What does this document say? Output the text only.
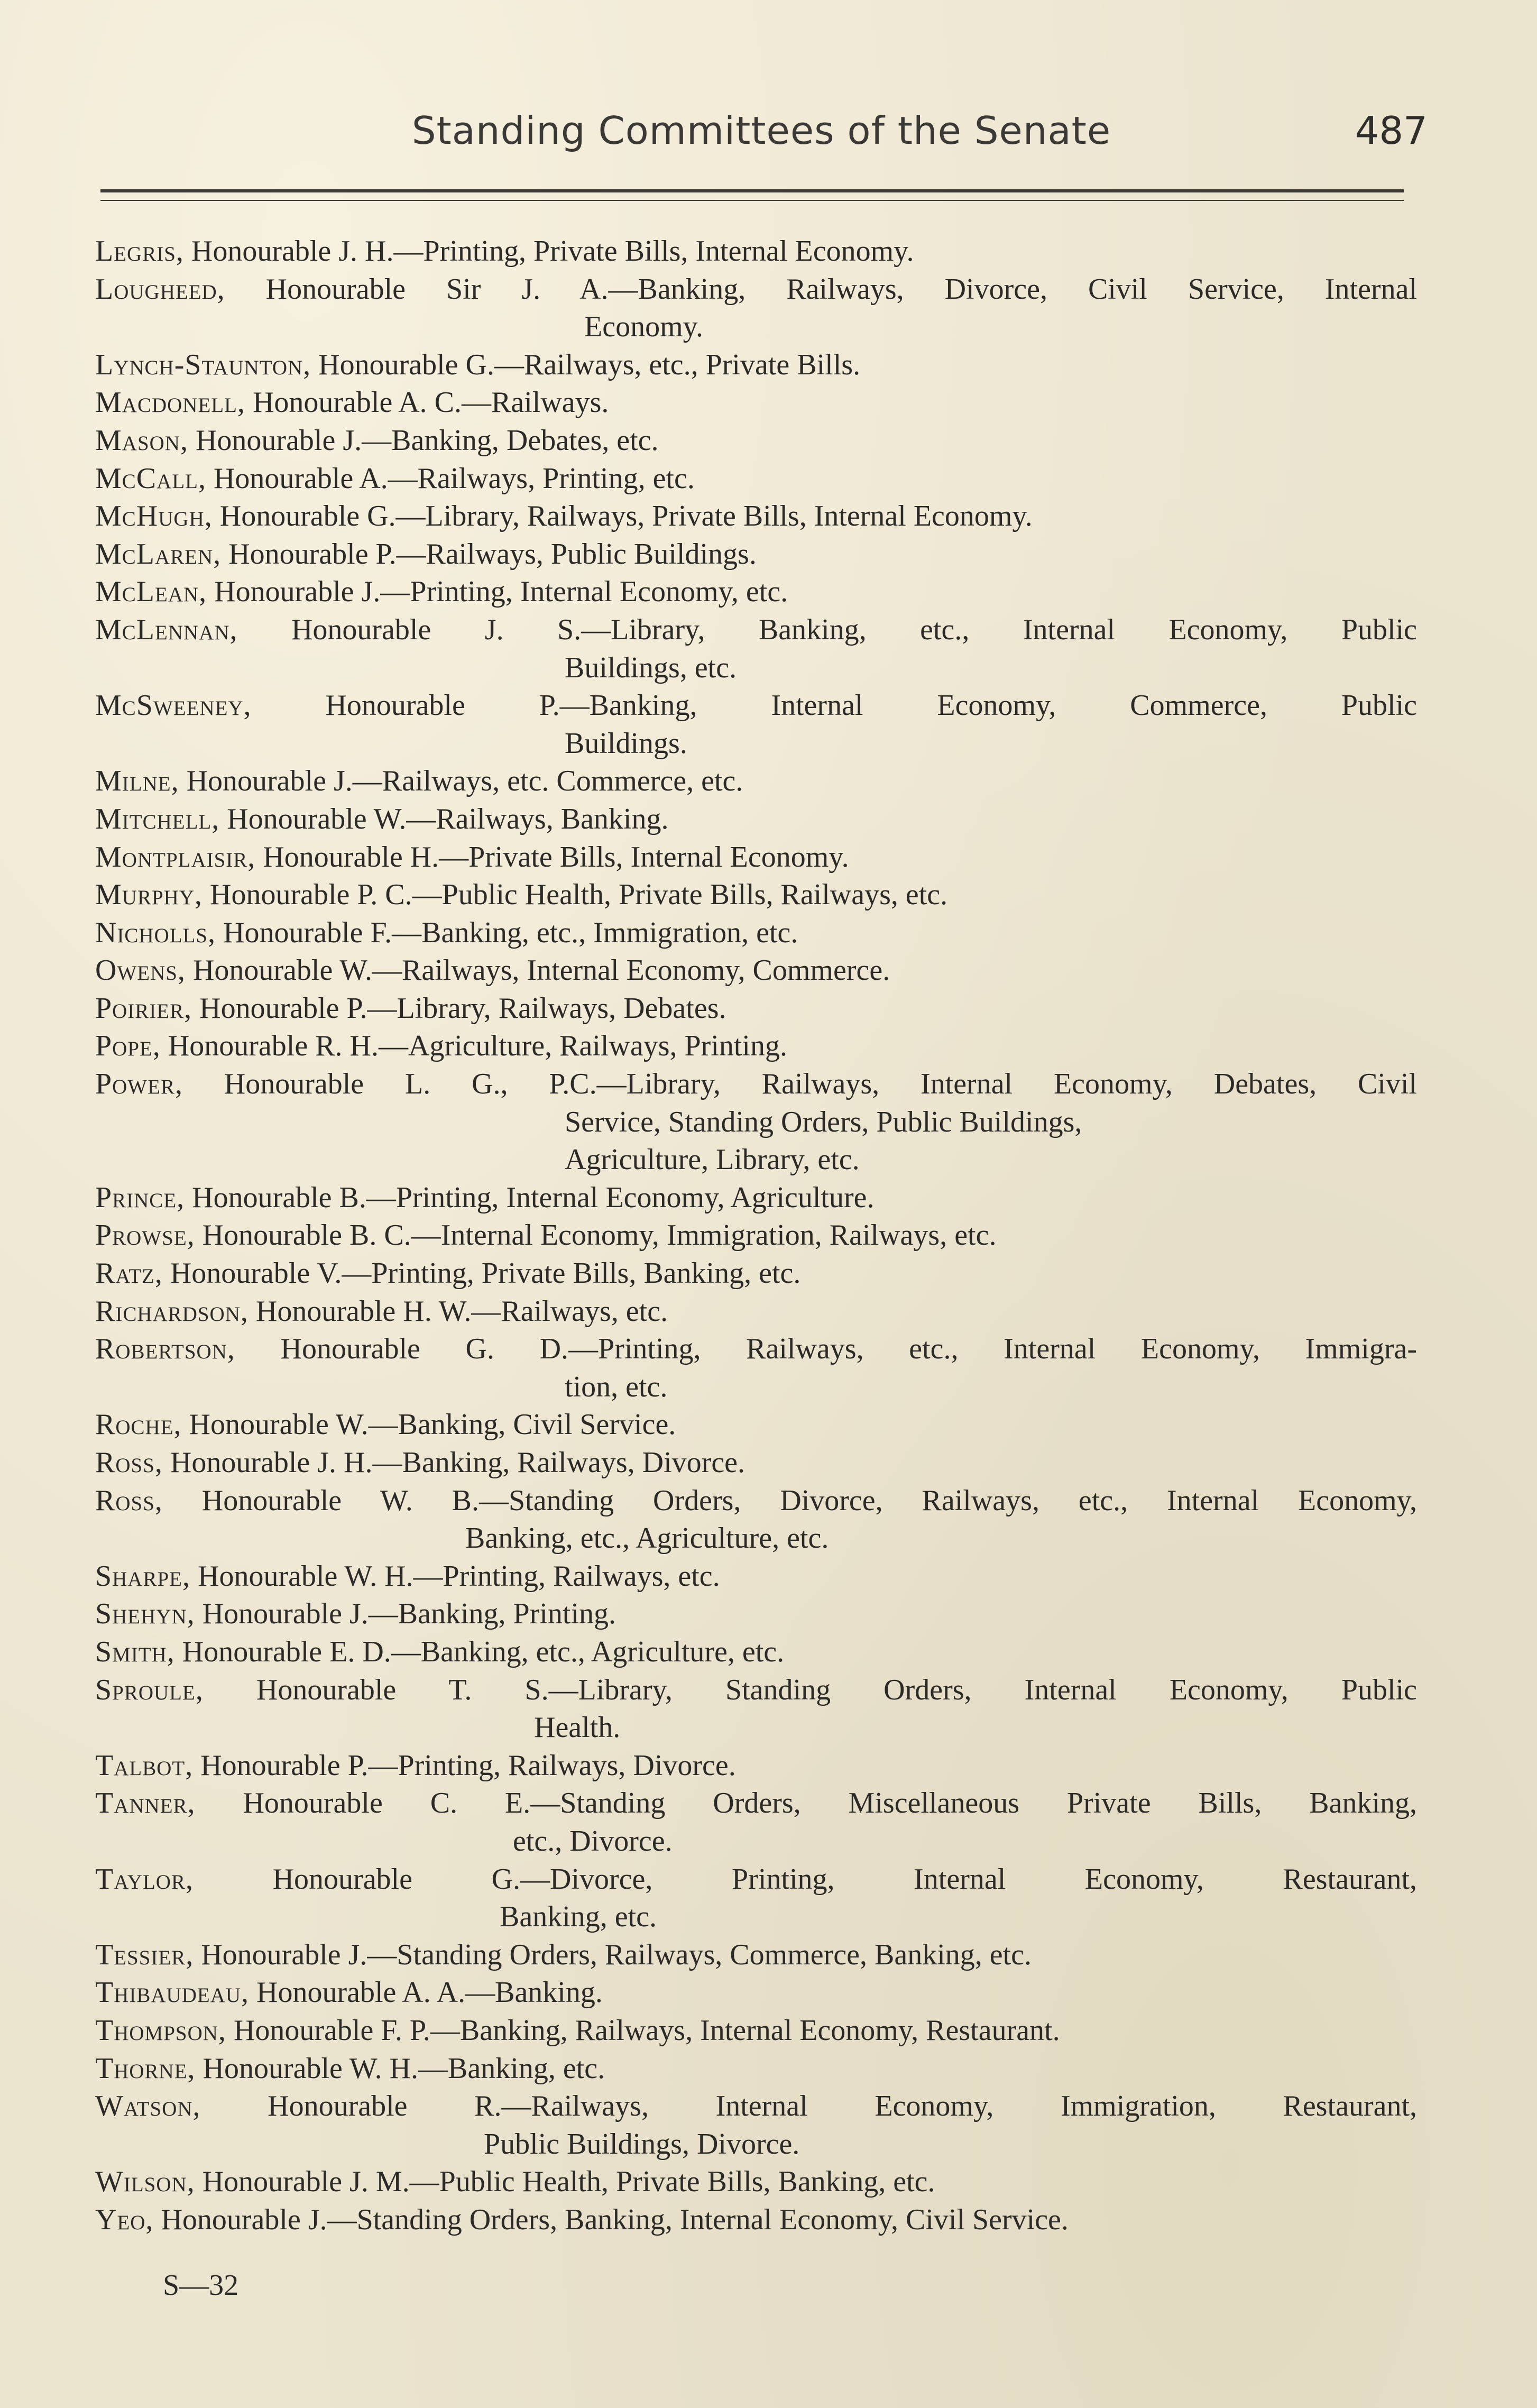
Standing Committees of the Senate	487
Legris, Honourable J. H.—Printing, Private Bills, Internal Economy.
Lougheed, Honourable Sir J. A.—Banking, Railways, Divorce, Civil Service, Internal
Economy.
Lynch-Staunton, Honourable G.—Railways, etc., Private Bills.
Macdonell, Honourable A. C.—Railways.
Mason, Honourable J.—Banking, Debates, etc.
McCall, Honourable A.—Railways, Printing, etc.
McHugh, Honourable G.—Library, Railways, Private Bills, Internal Economy.
McLaren, Honourable P.—Railways, Public Buildings.
McLean, Honourable J.—Printing, Internal Economy, etc.
McLennan, Honourable J. S.—Library, Banking, etc., Internal Economy, Public
Buildings, etc.
McSweeney, Honourable P.—Banking, Internal Economy, Commerce, Public
Buildings.
Milne, Honourable J.—Railways, etc. Commerce, etc.
Mitchell, Honourable W.—Railways, Banking.
Montplaisir, Honourable H.—Private Bills, Internal Economy.
Murphy, Honourable P. C.—Public Health, Private Bills, Railways, etc.
Nicholls, Honourable F.—Banking, etc., Immigration, etc.
Owens, Honourable W.—Railways, Internal Economy, Commerce.
Poirier, Honourable P.—Library, Railways, Debates.
Pope, Honourable R. H.—Agriculture, Railways, Printing.
Power, Honourable L. G., P.C.—Library, Railways, Internal Economy, Debates, Civil
Service, Standing Orders, Public Buildings,
Agriculture, Library, etc.
Prince, Honourable B.—Printing, Internal Economy, Agriculture.
Prowse, Honourable B. C.—Internal Economy, Immigration, Railways, etc.
Ratz, Honourable V.—Printing, Private Bills, Banking, etc.
Richardson, Honourable H. W.—Railways, etc.
Robertson, Honourable G. D.—Printing, Railways, etc., Internal Economy, Immigra-
tion, etc.
Roche, Honourable W.—Banking, Civil Service.
Ross, Honourable J. H.—Banking, Railways, Divorce.
Ross, Honourable W. B.—Standing Orders, Divorce, Railways, etc., Internal Economy,
Banking, etc., Agriculture, etc.
Sharpe, Honourable W. H.—Printing, Railways, etc.
Shehyn, Honourable J.—Banking, Printing.
Smith, Honourable E. D.—Banking, etc., Agriculture, etc.
Sproule, Honourable T. S.—Library, Standing Orders, Internal Economy, Public
Health.
Talbot, Honourable P.—Printing, Railways, Divorce.
Tanner, Honourable C. E.—Standing Orders, Miscellaneous Private Bills, Banking,
etc., Divorce.
Taylor, Honourable G.—Divorce, Printing, Internal Economy, Restaurant,
Banking, etc.
Tessier, Honourable J.—Standing Orders, Railways, Commerce, Banking, etc.
Thibaudeau, Honourable A. A.—Banking.
Thompson, Honourable F. P.—Banking, Railways, Internal Economy, Restaurant.
Thorne, Honourable W. H.—Banking, etc.
Watson, Honourable R.—Railways, Internal Economy, Immigration, Restaurant,
Public Buildings, Divorce.
Wilson, Honourable J. M.—Public Health, Private Bills, Banking, etc.
Yeo, Honourable J.—Standing Orders, Banking, Internal Economy, Civil Service.
S—32
